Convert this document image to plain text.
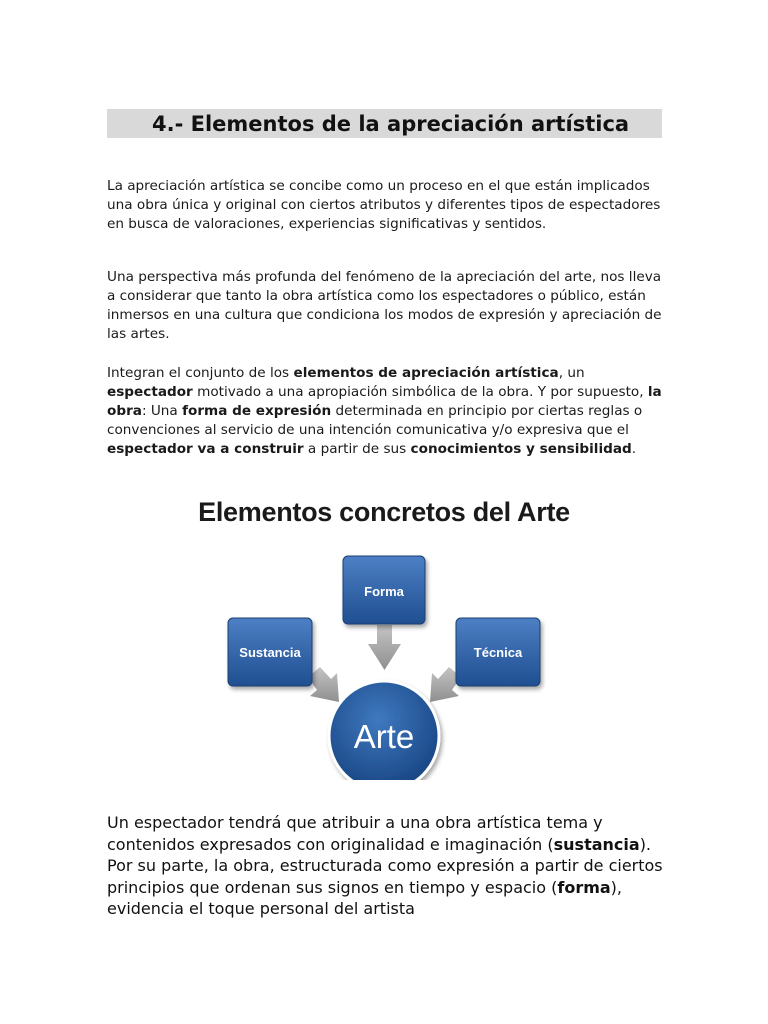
4.- Elementos de la apreciación artística

La apreciación artística se concibe como un proceso en el que están implicados una obra única y original con ciertos atributos y diferentes tipos de espectadores en busca de valoraciones, experiencias significativas y sentidos.

Una perspectiva más profunda del fenómeno de la apreciación del arte, nos lleva a considerar que tanto la obra artística como los espectadores o público, están inmersos en una cultura que condiciona los modos de expresión y apreciación de las artes.

Integran el conjunto de los elementos de apreciación artística, un espectador motivado a una apropiación simbólica de la obra. Y por supuesto, la obra: Una forma de expresión determinada en principio por ciertas reglas o convenciones al servicio de una intención comunicativa y/o expresiva que el espectador va a construir a partir de sus conocimientos y sensibilidad.

Elementos concretos del Arte
Forma
Sustancia	Técnica
Arte

Un espectador tendrá que atribuir a una obra artística tema y contenidos expresados con originalidad e imaginación (sustancia). Por su parte, la obra, estructurada como expresión a partir de ciertos principios que ordenan sus signos en tiempo y espacio (forma), evidencia el toque personal del artista
